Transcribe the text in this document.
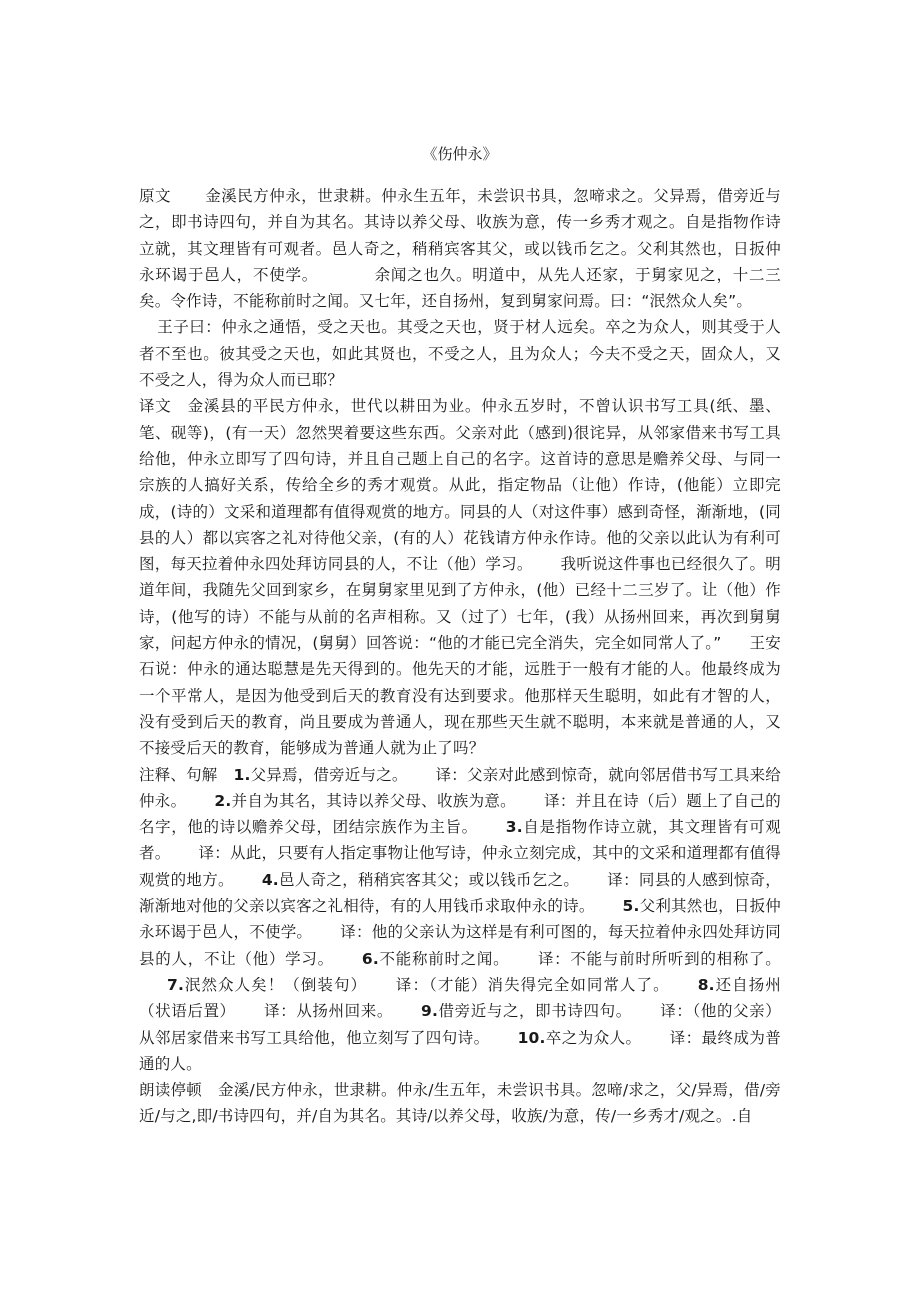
《伤仲永》

原文 金溪民方仲永，世隶耕。仲永生五年，未尝识书具，忽啼求之。父异焉，借旁近与之，即书诗四句，并自为其名。其诗以养父母、收族为意，传一乡秀才观之。自是指物作诗立就，其文理皆有可观者。邑人奇之，稍稍宾客其父，或以钱币乞之。父利其然也，日扳仲永环谒于邑人，不使学。	余闻之也久。明道中，从先人还家，于舅家见之，十二三矣。令作诗，不能称前时之闻。又七年，还自扬州，复到舅家问焉。曰：“泯然众人矣”。

王子曰：仲永之通悟，受之天也。其受之天也，贤于材人远矣。卒之为众人，则其受于人者不至也。彼其受之天也，如此其贤也，不受之人，且为众人；今夫不受之天，固众人，又不受之人，得为众人而已耶？

译文 金溪县的平民方仲永，世代以耕田为业。仲永五岁时，不曾认识书写工具(纸、墨、笔、砚等)，(有一天）忽然哭着要这些东西。父亲对此（感到)很诧异，从邻家借来书写工具给他，仲永立即写了四句诗，并且自己题上自己的名字。这首诗的意思是赡养父母、与同一宗族的人搞好关系，传给全乡的秀才观赏。从此，指定物品（让他）作诗，(他能）立即完成，(诗的）文采和道理都有值得观赏的地方。同县的人（对这件事）感到奇怪，渐渐地，(同县的人）都以宾客之礼对待他父亲，(有的人）花钱请方仲永作诗。他的父亲以此认为有利可图，每天拉着仲永四处拜访同县的人，不让（他）学习。 我听说这件事也已经很久了。明道年间，我随先父回到家乡，在舅舅家里见到了方仲永，(他）已经十二三岁了。让（他）作诗，(他写的诗）不能与从前的名声相称。又（过了）七年，(我）从扬州回来，再次到舅舅家，问起方仲永的情况，(舅舅）回答说：“他的才能已完全消失，完全如同常人了。” 王安石说：仲永的通达聪慧是先天得到的。他先天的才能，远胜于一般有才能的人。他最终成为一个平常人，是因为他受到后天的教育没有达到要求。他那样天生聪明，如此有才智的人，没有受到后天的教育，尚且要成为普通人，现在那些天生就不聪明，本来就是普通的人，又不接受后天的教育，能够成为普通人就为止了吗？

注释、句解 1.父异焉，借旁近与之。 译：父亲对此感到惊奇，就向邻居借书写工具来给仲永。 2.并自为其名，其诗以养父母、收族为意。 译：并且在诗（后）题上了自己的名字，他的诗以赡养父母，团结宗族作为主旨。 3.自是指物作诗立就，其文理皆有可观者。 译：从此，只要有人指定事物让他写诗，仲永立刻完成，其中的文采和道理都有值得观赏的地方。 4.邑人奇之，稍稍宾客其父；或以钱币乞之。 译：同县的人感到惊奇，渐渐地对他的父亲以宾客之礼相待，有的人用钱币求取仲永的诗。 5.父利其然也，日扳仲永环谒于邑人，不使学。 译：他的父亲认为这样是有利可图的，每天拉着仲永四处拜访同县的人，不让（他）学习。 6.不能称前时之闻。 译：不能与前时所听到的相称了。7.泯然众人矣！（倒装句） 译：（才能）消失得完全如同常人了。 8.还自扬州（状语后置） 译：从扬州回来。 9.借旁近与之，即书诗四句。 译：（他的父亲）从邻居家借来书写工具给他，他立刻写了四句诗。 10.卒之为众人。 译：最终成为普通的人。

朗读停顿 金溪/民方仲永，世隶耕。仲永/生五年，未尝识书具。忽啼/求之，父/异焉，借/旁近/与之,即/书诗四句，并/自为其名。其诗/以养父母，收族/为意，传/一乡秀才/观之。.自
